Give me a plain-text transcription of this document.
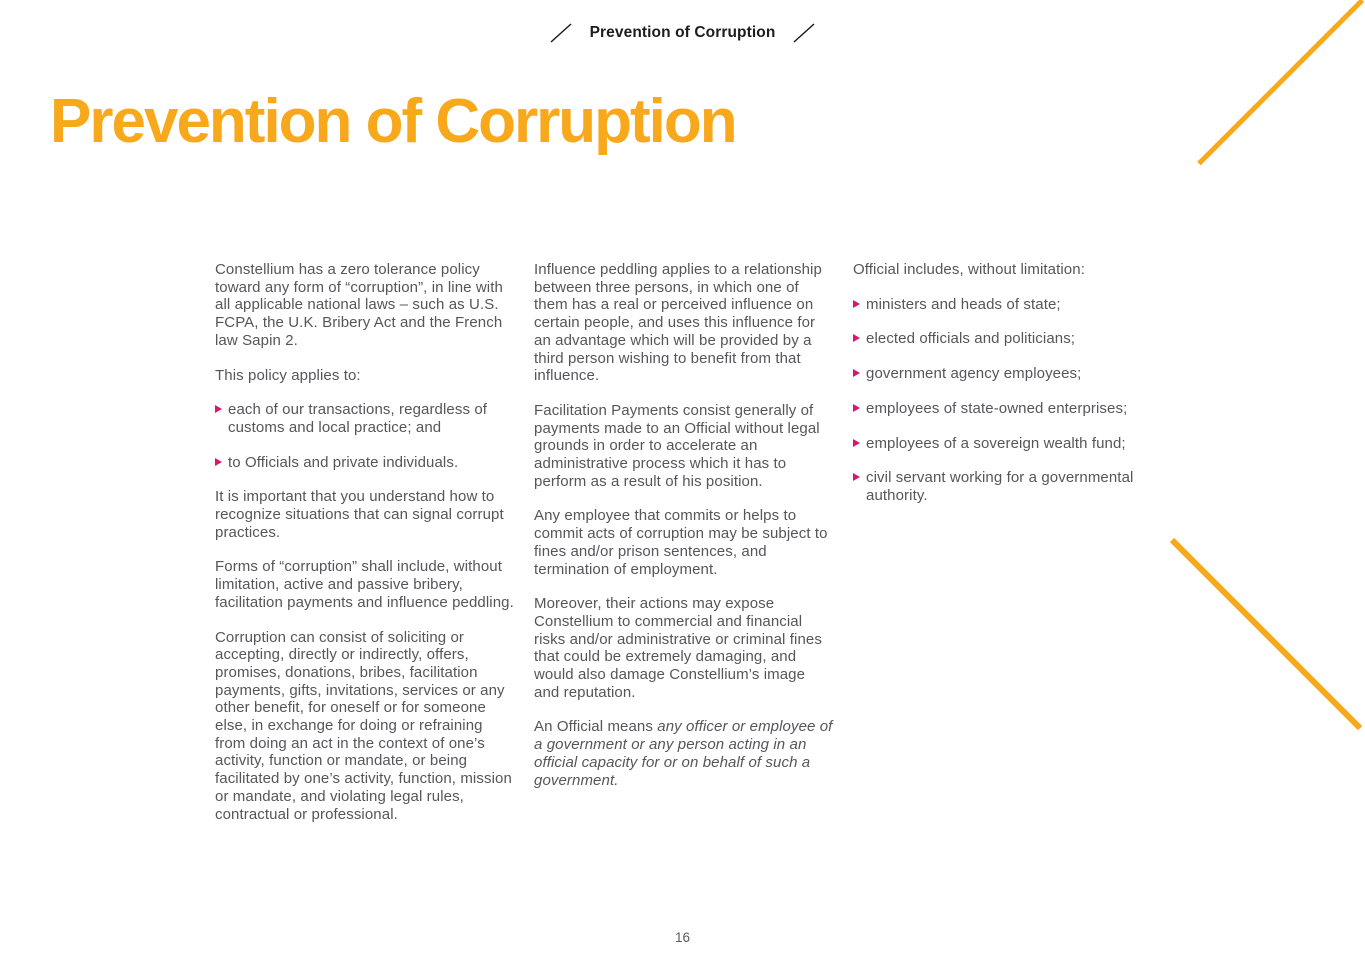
Prevention of Corruption
Prevention of Corruption

Constellium has a zero tolerance policy toward any form of “corruption”, in line with all applicable national laws – such as U.S. FCPA, the U.K. Bribery Act and the French law Sapin 2.

This policy applies to:

each of our transactions, regardless of customs and local practice; and
to Officials and private individuals.

It is important that you understand how to recognize situations that can signal corrupt practices.

Forms of “corruption” shall include, without limitation, active and passive bribery, facilitation payments and influence peddling.

Corruption can consist of soliciting or accepting, directly or indirectly, offers, promises, donations, bribes, facilitation payments, gifts, invitations, services or any other benefit, for oneself or for someone else, in exchange for doing or refraining from doing an act in the context of one’s activity, function or mandate, or being facilitated by one’s activity, function, mission or mandate, and violating legal rules, contractual or professional.

Influence peddling applies to a relationship between three persons, in which one of them has a real or perceived influence on certain people, and uses this influence for an advantage which will be provided by a third person wishing to benefit from that influence.

Facilitation Payments consist generally of payments made to an Official without legal grounds in order to accelerate an administrative process which it has to perform as a result of his position.

Any employee that commits or helps to commit acts of corruption may be subject to fines and/or prison sentences, and termination of employment.

Moreover, their actions may expose Constellium to commercial and financial risks and/or administrative or criminal fines that could be extremely damaging, and would also damage Constellium’s image and reputation.

An Official means any officer or employee of a government or any person acting in an official capacity for or on behalf of such a government.

Official includes, without limitation:

ministers and heads of state;
elected officials and politicians;
government agency employees;
employees of state-owned enterprises;
employees of a sovereign wealth fund;
civil servant working for a governmental authority.
16
